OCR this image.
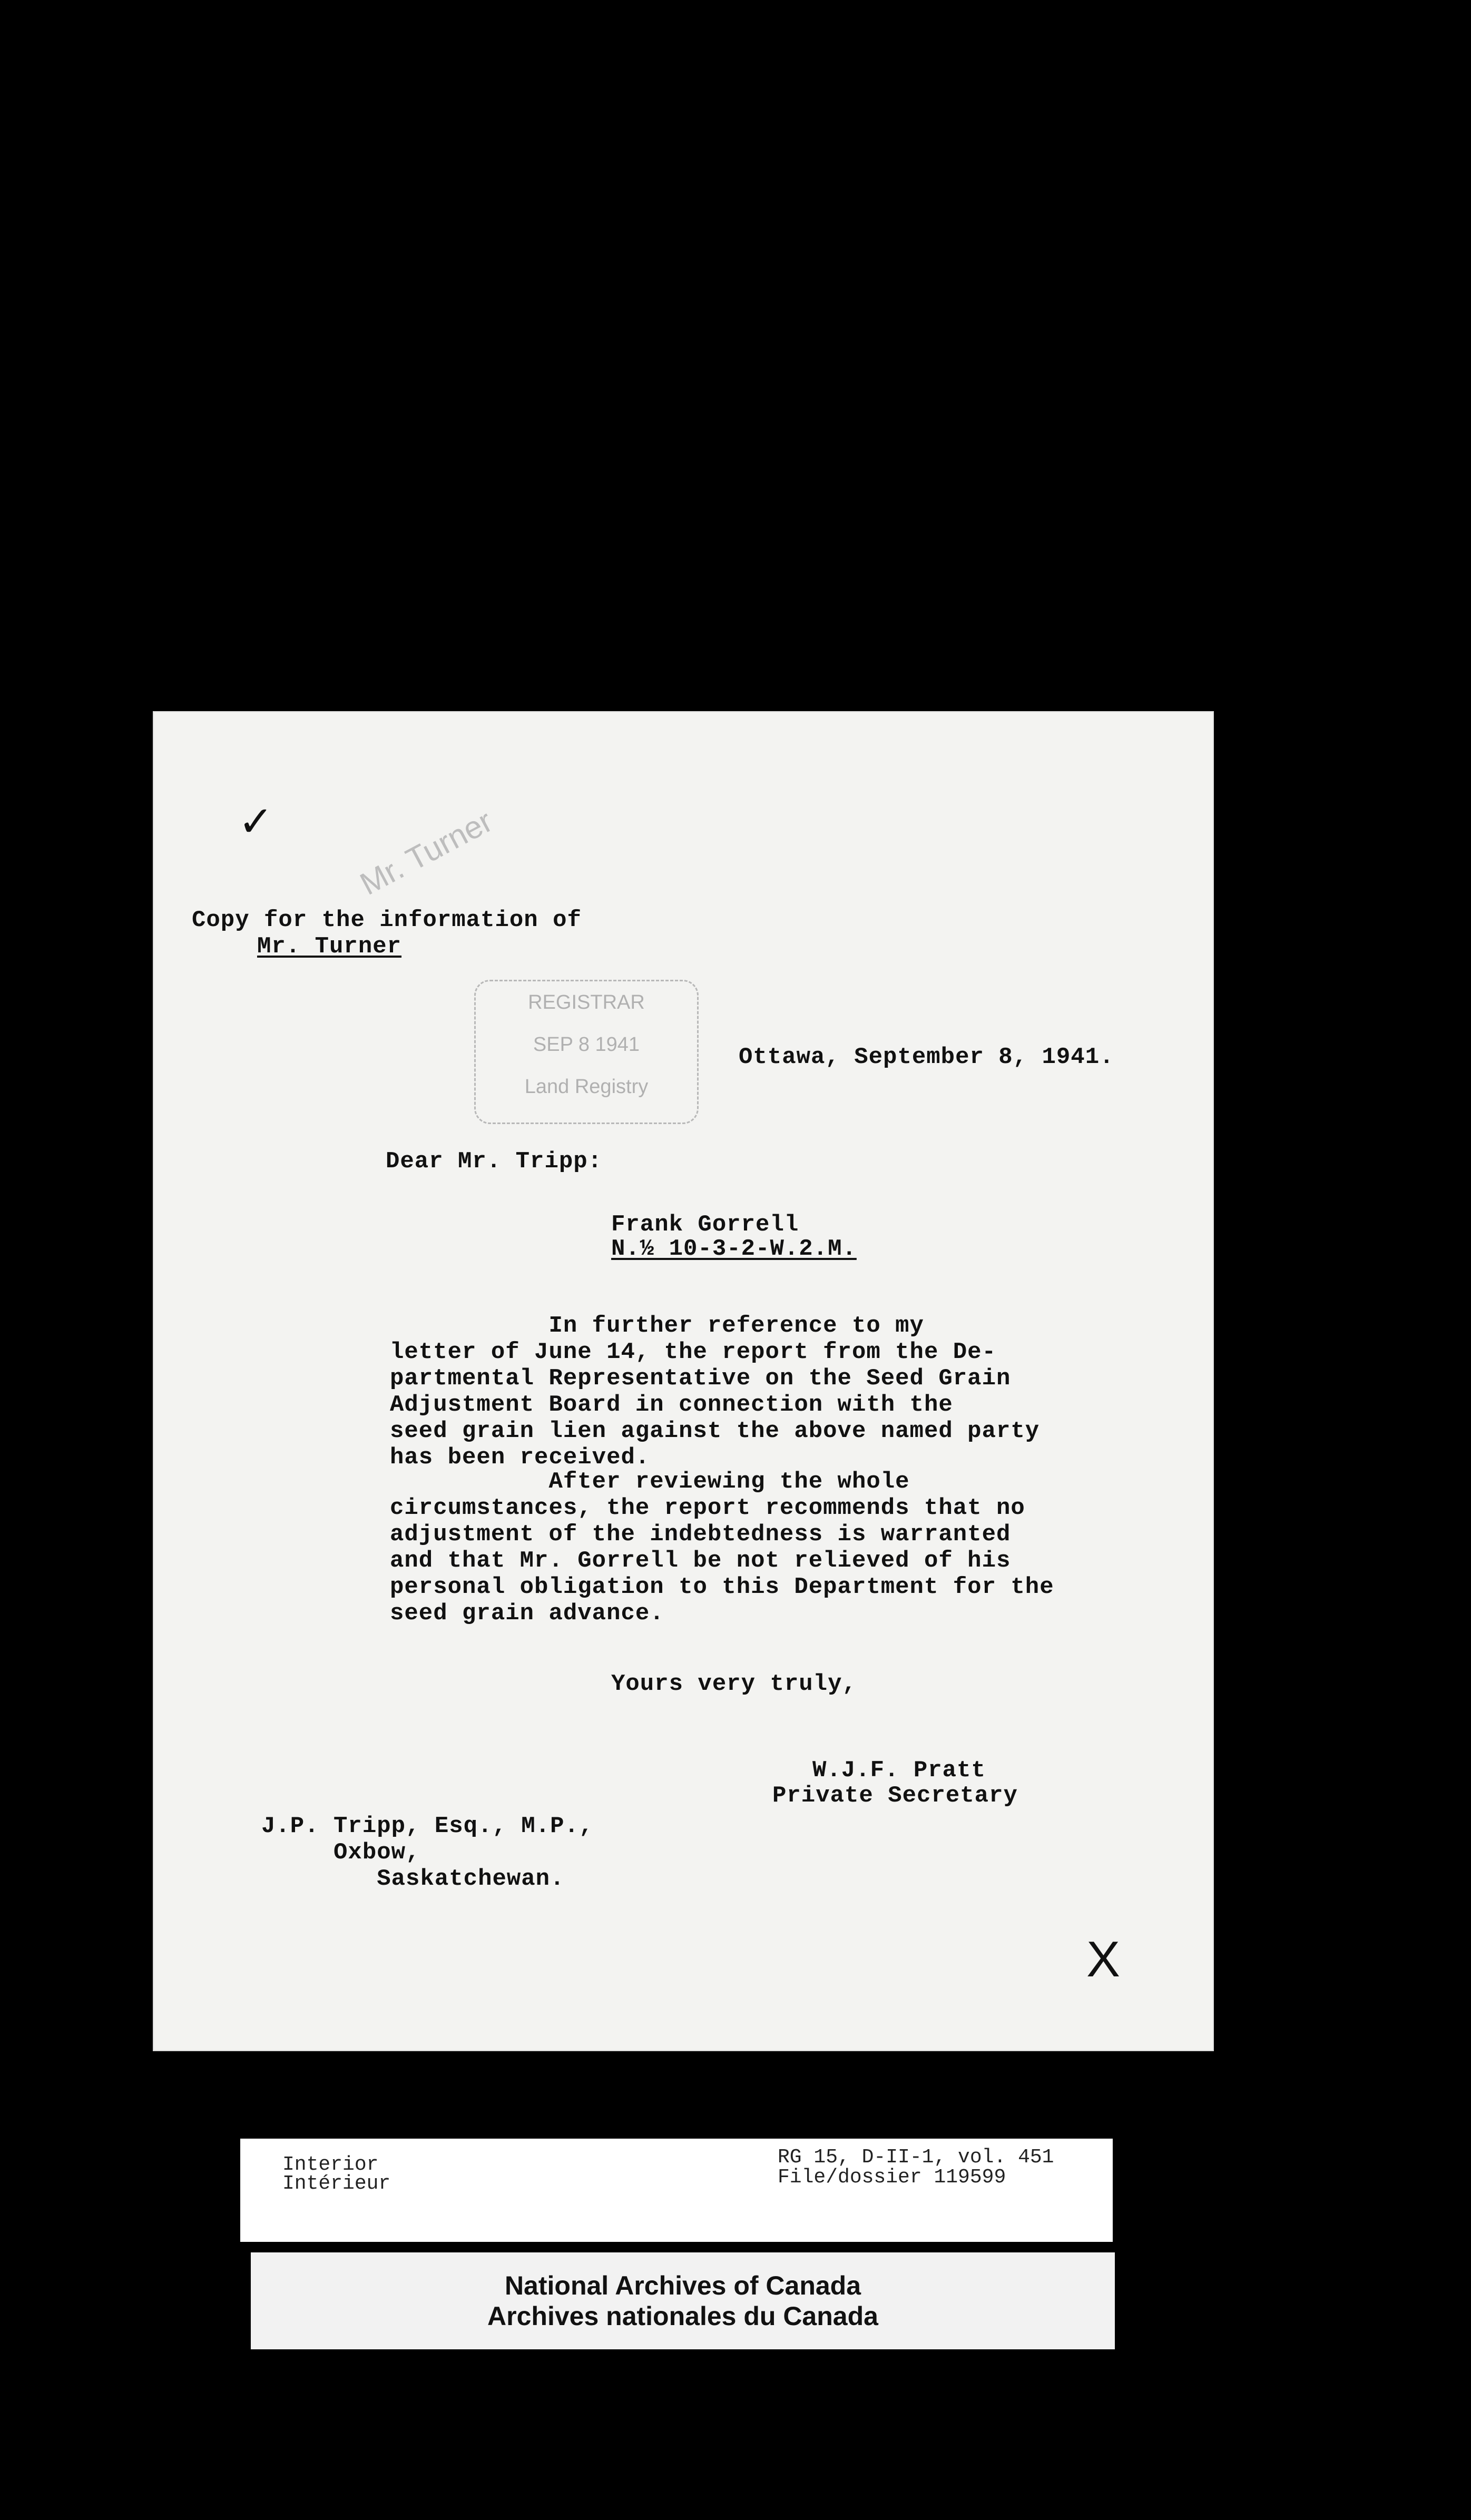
Mr. Turner
✓
Copy for the information of
Mr. Turner
REGISTRAR
SEP 8 1941
Land Registry
Ottawa, September 8, 1941.
Dear Mr. Tripp:
Frank Gorrell
N.½ 10-3-2-W.2.M.
In further reference to my
letter of June 14, the report from the De-
partmental Representative on the Seed Grain
Adjustment Board in connection with the
seed grain lien against the above named party
has been received.
After reviewing the whole
circumstances, the report recommends that no
adjustment of the indebtedness is warranted
and that Mr. Gorrell be not relieved of his
personal obligation to this Department for the
seed grain advance.
Yours very truly,
W.J.F. Pratt
Private Secretary
J.P. Tripp, Esq., M.P.,
Oxbow,
Saskatchewan.
X
Interior
Intérieur
RG 15, D-II-1, vol. 451
File/dossier 119599
National Archives of Canada
Archives nationales du Canada
